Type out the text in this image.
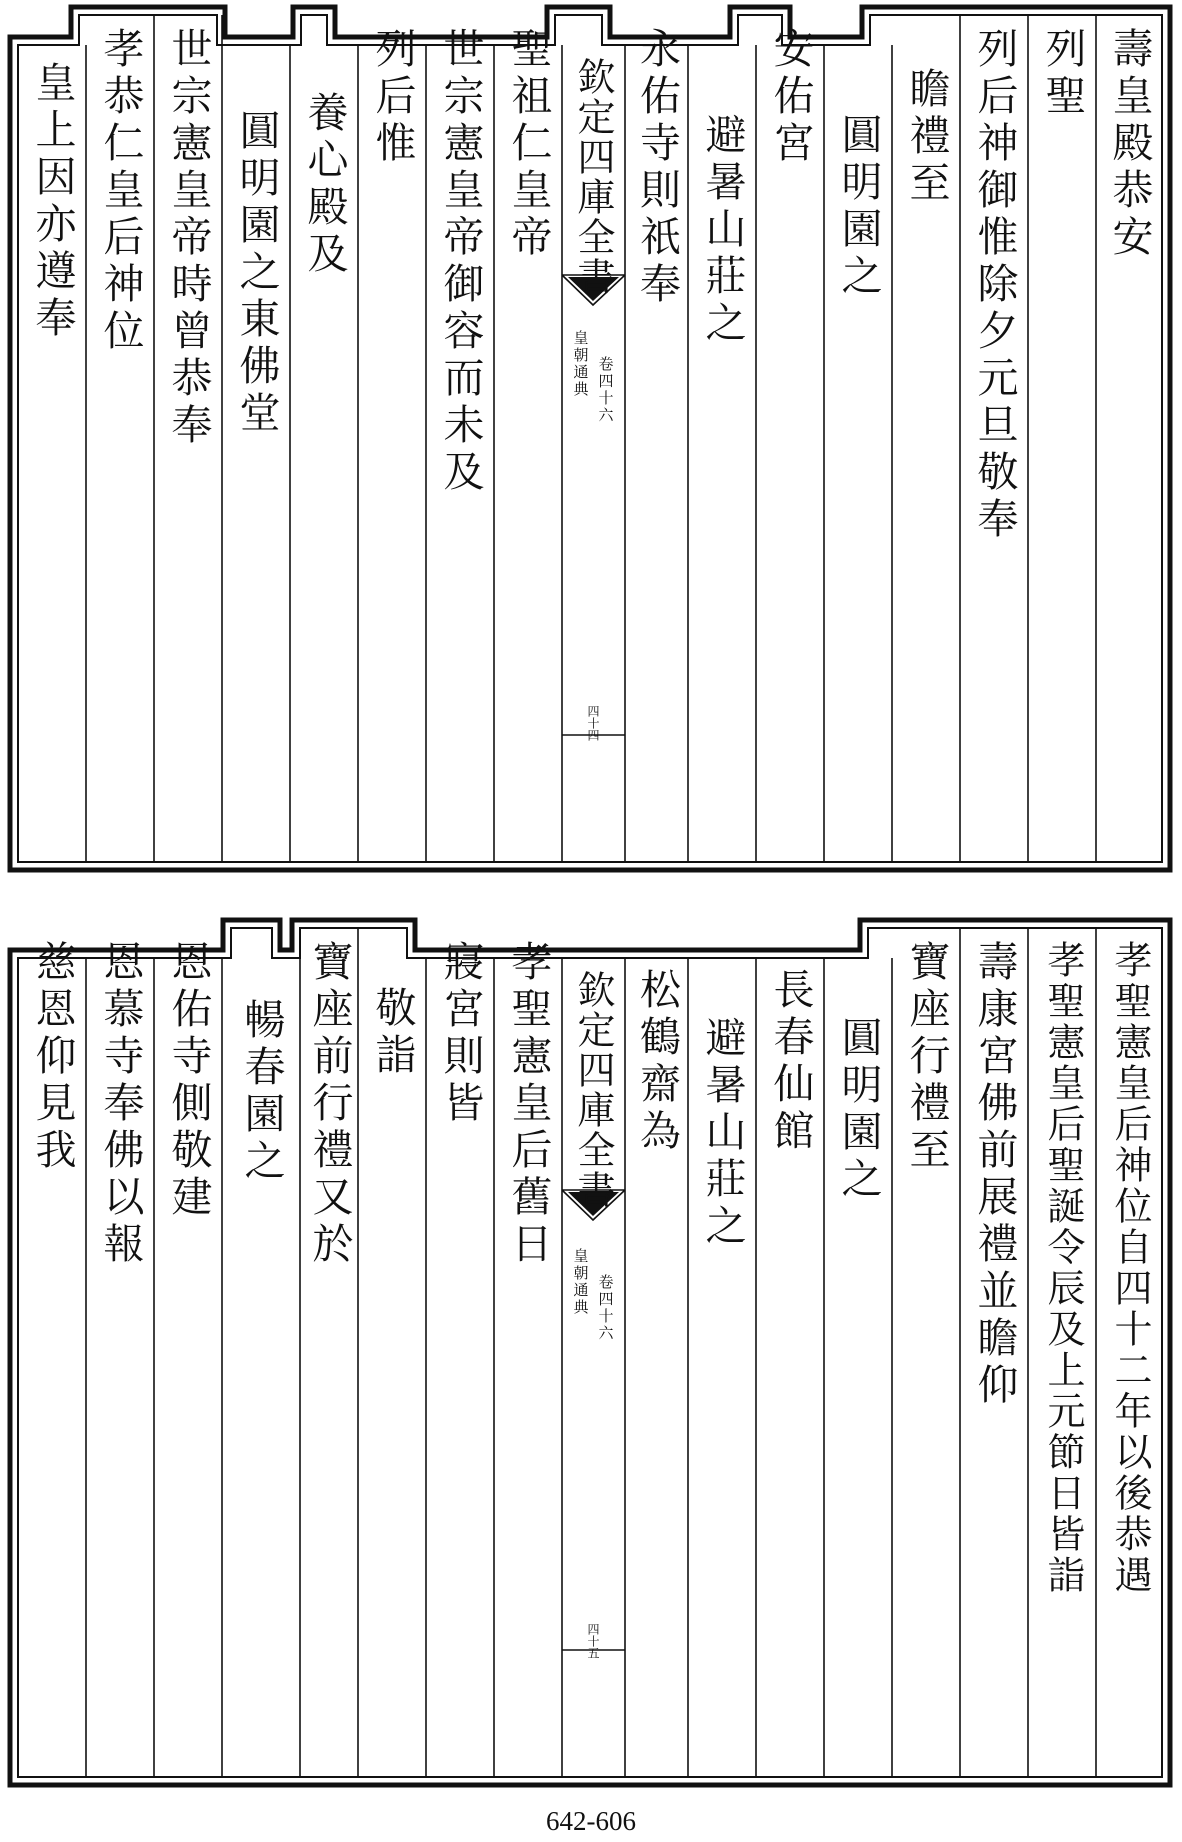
壽皇殿恭安
列聖
列后神御惟除夕元旦敬奉
瞻禮至
圓明園之
安佑宮
避暑山莊之
永佑寺則祇奉
欽定四庫全書
皇朝通典 卷四十六
四十四
聖祖仁皇帝
世宗憲皇帝御容而未及
列后惟
養心殿及
圓明園之東佛堂
世宗憲皇帝時曾恭奉
孝恭仁皇后神位
皇上因亦遵奉
孝聖憲皇后神位自四十二年以後恭遇
孝聖憲皇后聖誕令辰及上元節日皆詣
壽康宮佛前展禮並瞻仰
寶座行禮至
圓明園之
長春仙館
避暑山莊之
松鶴齋為
欽定四庫全書
皇朝通典 卷四十六
四十五
孝聖憲皇后舊日
寢宮則皆
敬詣
寶座前行禮又於
暢春園之
恩佑寺側敬建
恩慕寺奉佛以報
慈恩仰見我
642-606
